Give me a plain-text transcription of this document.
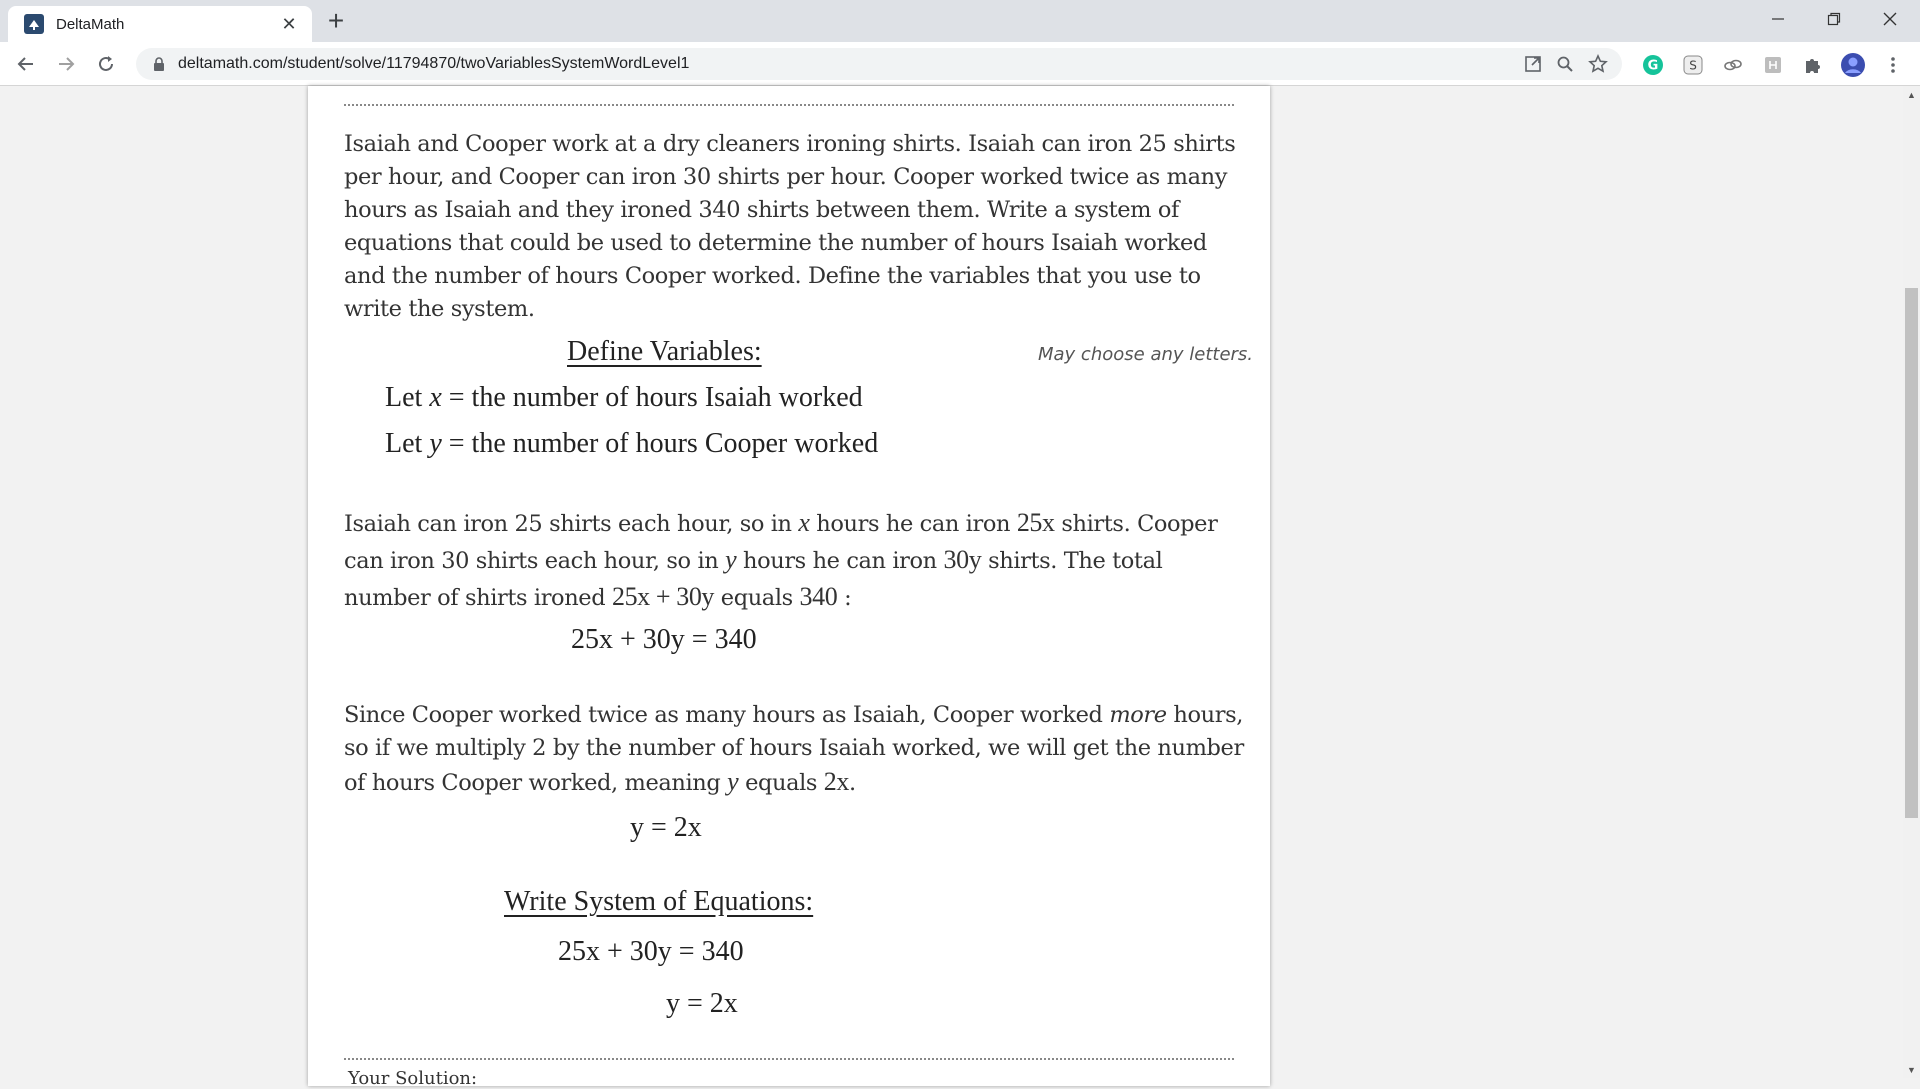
DeltaMath	✕	+
deltamath.com/student/solve/11794870/twoVariablesSystemWordLevel1	G	S

Isaiah and Cooper work at a dry cleaners ironing shirts. Isaiah can iron 25 shirts per hour, and Cooper can iron 30 shirts per hour. Cooper worked twice as many hours as Isaiah and they ironed 340 shirts between them. Write a system of equations that could be used to determine the number of hours Isaiah worked and the number of hours Cooper worked. Define the variables that you use to write the system.

Define Variables:	May choose any letters.
Let x = the number of hours Isaiah worked
Let y = the number of hours Cooper worked

Isaiah can iron 25 shirts each hour, so in x hours he can iron 25x shirts. Cooper can iron 30 shirts each hour, so in y hours he can iron 30y shirts. The total number of shirts ironed 25x + 30y equals 340 :

25x + 30y = 340

Since Cooper worked twice as many hours as Isaiah, Cooper worked more hours, so if we multiply 2 by the number of hours Isaiah worked, we will get the number of hours Cooper worked, meaning y equals 2x.

y = 2x
Write System of Equations:
25x + 30y = 340
y = 2x
Your Solution:
▲
▼
